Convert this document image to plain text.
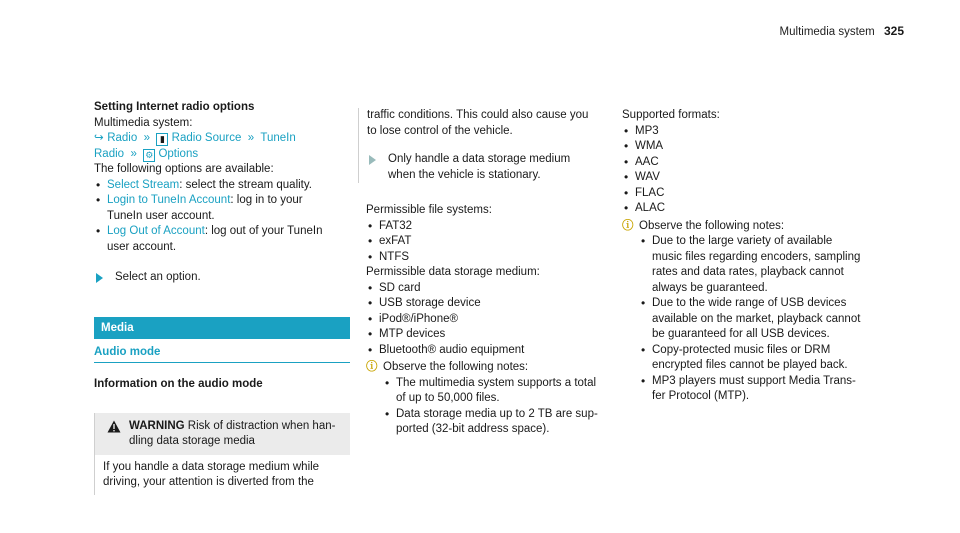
Multimedia system 325
Setting Internet radio options
Multimedia system:
↪ Radio  »  ▮ Radio Source  »  TuneIn
Radio  »  ⚙ Options
The following options are available:
• Select Stream: select the stream quality.
• Login to TuneIn Account: log in to your
TuneIn user account.
• Log Out of Account: log out of your TuneIn
user account.
Select an option.
Media
Audio mode
Information on the audio mode
WARNING Risk of distraction when han-
dling data storage media
If you handle a data storage medium while
driving, your attention is diverted from the
traffic conditions. This could also cause you
to lose control of the vehicle.
Only handle a data storage medium
when the vehicle is stationary.
Permissible file systems:
• FAT32
• exFAT
• NTFS
Permissible data storage medium:
• SD card
• USB storage device
• iPod®/iPhone®
• MTP devices
• Bluetooth® audio equipment
ⓘ Observe the following notes:
• The multimedia system supports a total
of up to 50,000 files.
• Data storage media up to 2 TB are sup-
ported (32-bit address space).
Supported formats:
• MP3
• WMA
• AAC
• WAV
• FLAC
• ALAC
ⓘ Observe the following notes:
• Due to the large variety of available
music files regarding encoders, sampling
rates and data rates, playback cannot
always be guaranteed.
• Due to the wide range of USB devices
available on the market, playback cannot
be guaranteed for all USB devices.
• Copy-protected music files or DRM
encrypted files cannot be played back.
• MP3 players must support Media Trans-
fer Protocol (MTP).
